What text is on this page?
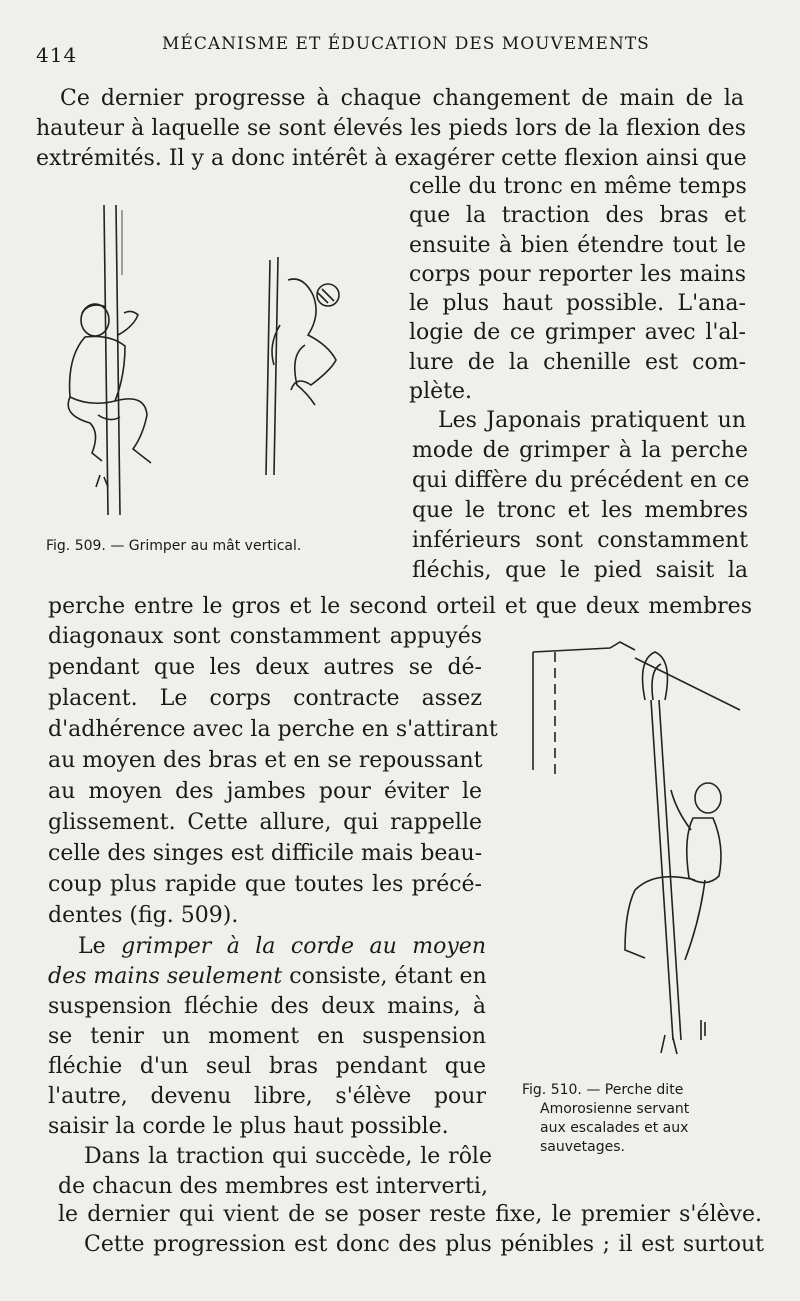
414	MÉCANISME ET ÉDUCATION DES MOUVEMENTS
Ce dernier progresse à chaque changement de main de la
hauteur à laquelle se sont élevés les pieds lors de la flexion des
extrémités. Il y a donc intérêt à exagérer cette flexion ainsi que
celle du tronc en même temps
que la traction des bras et
ensuite à bien étendre tout le
corps pour reporter les mains
le plus haut possible. L'ana-
logie de ce grimper avec l'al-
lure de la chenille est com-
plète.
Les Japonais pratiquent un
mode de grimper à la perche
qui diffère du précédent en ce
que le tronc et les membres
inférieurs sont constamment
fléchis, que le pied saisit la
Fig. 509. — Grimper au mât vertical.
perche entre le gros et le second orteil et que deux membres
diagonaux sont constamment appuyés
pendant que les deux autres se dé-
placent. Le corps contracte assez
d'adhérence avec la perche en s'attirant
au moyen des bras et en se repoussant
au moyen des jambes pour éviter le
glissement. Cette allure, qui rappelle
celle des singes est difficile mais beau-
coup plus rapide que toutes les précé-
dentes (fig. 509).
Le grimper à la corde au moyen
des mains seulement consiste, étant en
suspension fléchie des deux mains, à
se tenir un moment en suspension
fléchie d'un seul bras pendant que
l'autre, devenu libre, s'élève pour
saisir la corde le plus haut possible.
Dans la traction qui succède, le rôle
de chacun des membres est interverti,
Fig. 510. — Perche dite
Amorosienne servant
aux escalades et aux
sauvetages.
le dernier qui vient de se poser reste fixe, le premier s'élève.
Cette progression est donc des plus pénibles ; il est surtout
